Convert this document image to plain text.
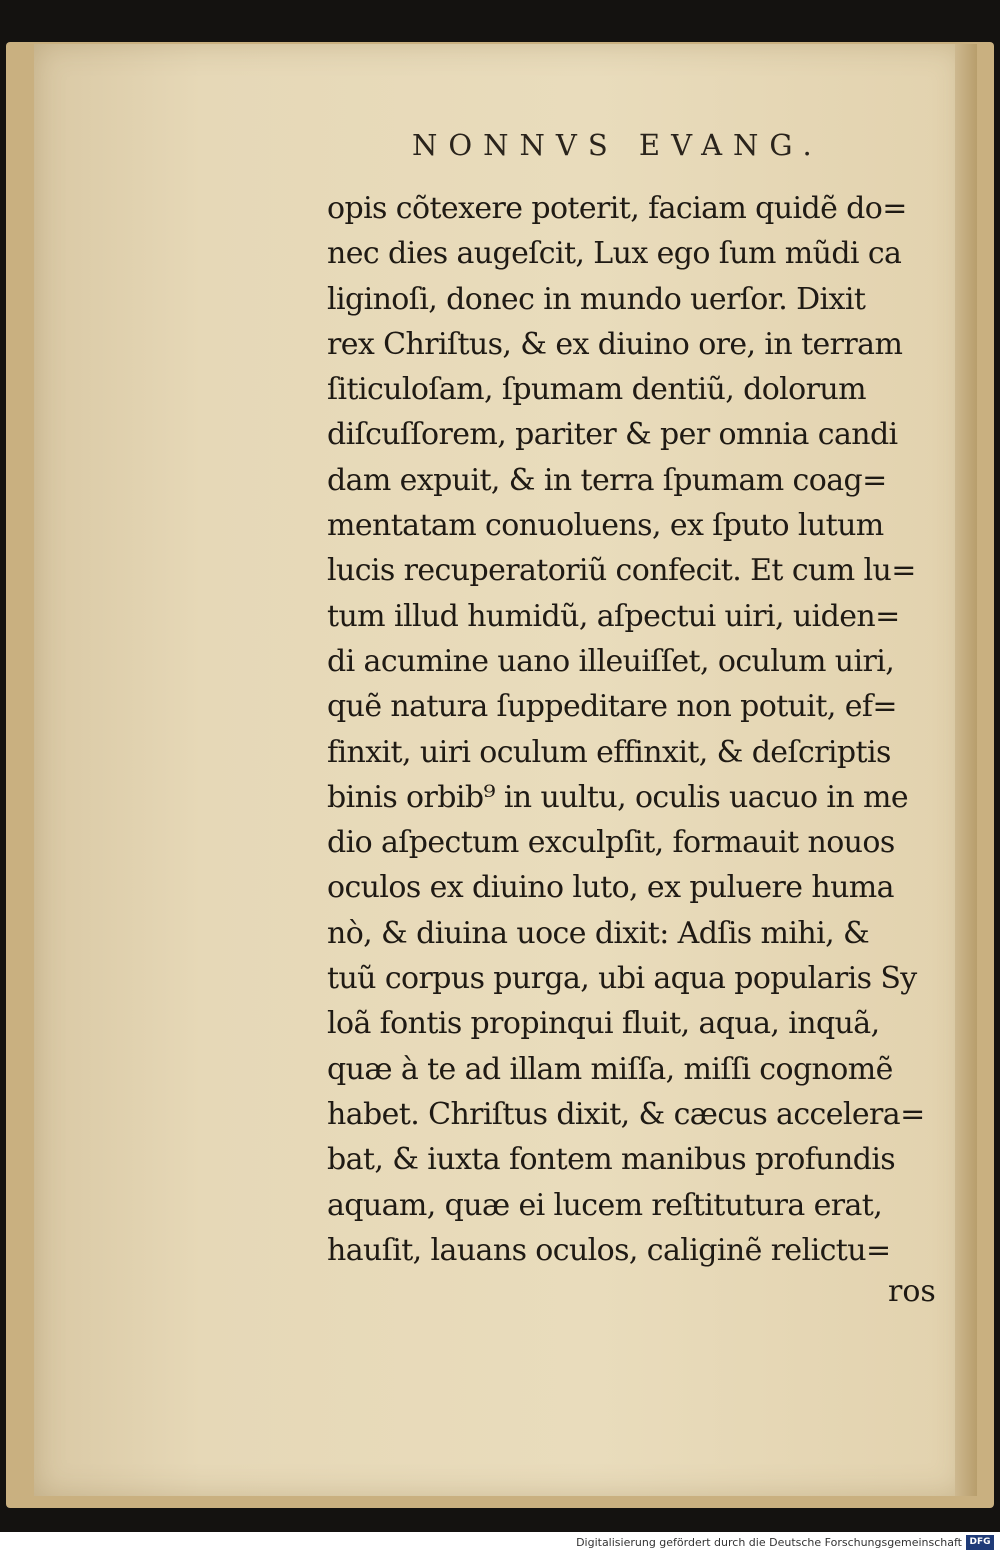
NONNVS EVANG.
opis cõtexere poterit, faciam quidẽ do=
nec dies augeſcit, Lux ego ſum mũdi ca
liginoſi, donec in mundo uerſor. Dixit
rex Chriſtus, & ex diuino ore, in terram
ſiticuloſam, ſpumam dentiũ, dolorum
diſcuſſorem, pariter & per omnia candi
dam expuit, & in terra ſpumam coag=
mentatam conuoluens, ex ſputo lutum
lucis recuperatoriũ confecit. Et cum lu=
tum illud humidũ, aſpectui uiri, uiden=
di acumine uano illeuiſſet, oculum uiri,
quẽ natura ſuppeditare non potuit, ef=
finxit, uiri oculum effinxit, & deſcriptis
binis orbib⁹ in uultu, oculis uacuo in me
dio aſpectum exculpſit, formauit nouos
oculos ex diuino luto, ex puluere huma
nò, & diuina uoce dixit: Adſis mihi, &
tuũ corpus purga, ubi aqua popularis Sy
loã fontis propinqui fluit, aqua, inquã,
quæ à te ad illam miſſa, miſſi cognomẽ
habet. Chriſtus dixit, & cæcus accelera=
bat, & iuxta fontem manibus profundis
aquam, quæ ei lucem reſtitutura erat,
hauſit, lauans oculos, caliginẽ relictu=
ros
Digitalisierung gefördert durch die Deutsche Forschungsgemeinschaft DFG
